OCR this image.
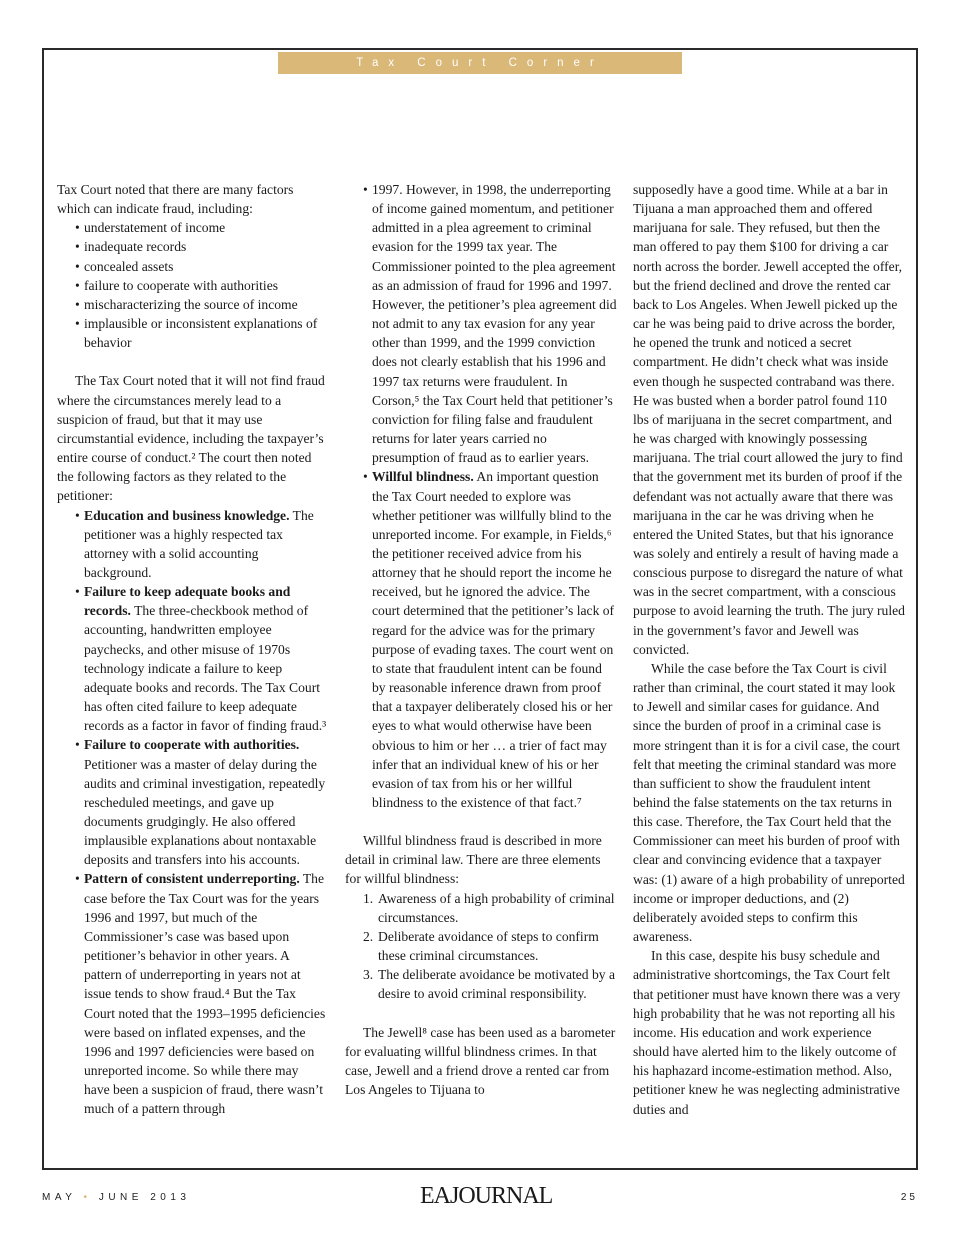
Tax Court Corner

Tax Court noted that there are many factors which can indicate fraud, including:

• understatement of income
• inadequate records
• concealed assets
• failure to cooperate with authorities
• mischaracterizing the source of income
• implausible or inconsistent explanations of behavior

The Tax Court noted that it will not find fraud where the circumstances merely lead to a suspicion of fraud, but that it may use circumstantial evidence, including the taxpayer’s entire course of conduct.² The court then noted the following factors as they related to the petitioner:

• Education and business knowledge. The petitioner was a highly respected tax attorney with a solid accounting background.
• Failure to keep adequate books and records. The three-checkbook method of accounting, handwritten employee paychecks, and other misuse of 1970s technology indicate a failure to keep adequate books and records. The Tax Court has often cited failure to keep adequate records as a factor in favor of finding fraud.³
• Failure to cooperate with authorities. Petitioner was a master of delay during the audits and criminal investigation, repeatedly rescheduled meetings, and gave up documents grudgingly. He also offered implausible explanations about nontaxable deposits and transfers into his accounts.
• Pattern of consistent underreporting. The case before the Tax Court was for the years 1996 and 1997, but much of the Commissioner’s case was based upon petitioner’s behavior in other years. A pattern of underreporting in years not at issue tends to show fraud.⁴ But the Tax Court noted that the 1993–1995 deficiencies were based on inflated expenses, and the 1996 and 1997 deficiencies were based on unreported income. So while there may have been a suspicion of fraud, there wasn’t much of a pattern through
• 1997. However, in 1998, the underreporting of income gained momentum, and petitioner admitted in a plea agreement to criminal evasion for the 1999 tax year. The Commissioner pointed to the plea agreement as an admission of fraud for 1996 and 1997. However, the petitioner’s plea agreement did not admit to any tax evasion for any year other than 1999, and the 1999 conviction does not clearly establish that his 1996 and 1997 tax returns were fraudulent. In Corson,⁵ the Tax Court held that petitioner’s conviction for filing false and fraudulent returns for later years carried no presumption of fraud as to earlier years.
• Willful blindness. An important question the Tax Court needed to explore was whether petitioner was willfully blind to the unreported income. For example, in Fields,⁶ the petitioner received advice from his attorney that he should report the income he received, but he ignored the advice. The court determined that the petitioner’s lack of regard for the advice was for the primary purpose of evading taxes. The court went on to state that fraudulent intent can be found by reasonable inference drawn from proof that a taxpayer deliberately closed his or her eyes to what would otherwise have been obvious to him or her … a trier of fact may infer that an individual knew of his or her evasion of tax from his or her willful blindness to the existence of that fact.⁷

Willful blindness fraud is described in more detail in criminal law. There are three elements for willful blindness:

1. Awareness of a high probability of criminal circumstances.
2. Deliberate avoidance of steps to confirm these criminal circumstances.
3. The deliberate avoidance be motivated by a desire to avoid criminal responsibility.

The Jewell⁸ case has been used as a barometer for evaluating willful blindness crimes. In that case, Jewell and a friend drove a rented car from Los Angeles to Tijuana to

supposedly have a good time. While at a bar in Tijuana a man approached them and offered marijuana for sale. They refused, but then the man offered to pay them $100 for driving a car north across the border. Jewell accepted the offer, but the friend declined and drove the rented car back to Los Angeles. When Jewell picked up the car he was being paid to drive across the border, he opened the trunk and noticed a secret compartment. He didn’t check what was inside even though he suspected contraband was there. He was busted when a border patrol found 110 lbs of marijuana in the secret compartment, and he was charged with knowingly possessing marijuana. The trial court allowed the jury to find that the government met its burden of proof if the defendant was not actually aware that there was marijuana in the car he was driving when he entered the United States, but that his ignorance was solely and entirely a result of having made a conscious purpose to disregard the nature of what was in the secret compartment, with a conscious purpose to avoid learning the truth. The jury ruled in the government’s favor and Jewell was convicted.

While the case before the Tax Court is civil rather than criminal, the court stated it may look to Jewell and similar cases for guidance. And since the burden of proof in a criminal case is more stringent than it is for a civil case, the court felt that meeting the criminal standard was more than sufficient to show the fraudulent intent behind the false statements on the tax returns in this case. Therefore, the Tax Court held that the Commissioner can meet his burden of proof with clear and convincing evidence that a taxpayer was: (1) aware of a high probability of unreported income or improper deductions, and (2) deliberately avoided steps to confirm this awareness.

In this case, despite his busy schedule and administrative shortcomings, the Tax Court felt that petitioner must have known there was a very high probability that he was not reporting all his income. His education and work experience should have alerted him to the likely outcome of his haphazard income-estimation method. Also, petitioner knew he was neglecting administrative duties and

MAY • JUNE 2013	EAJOURNAL	25
